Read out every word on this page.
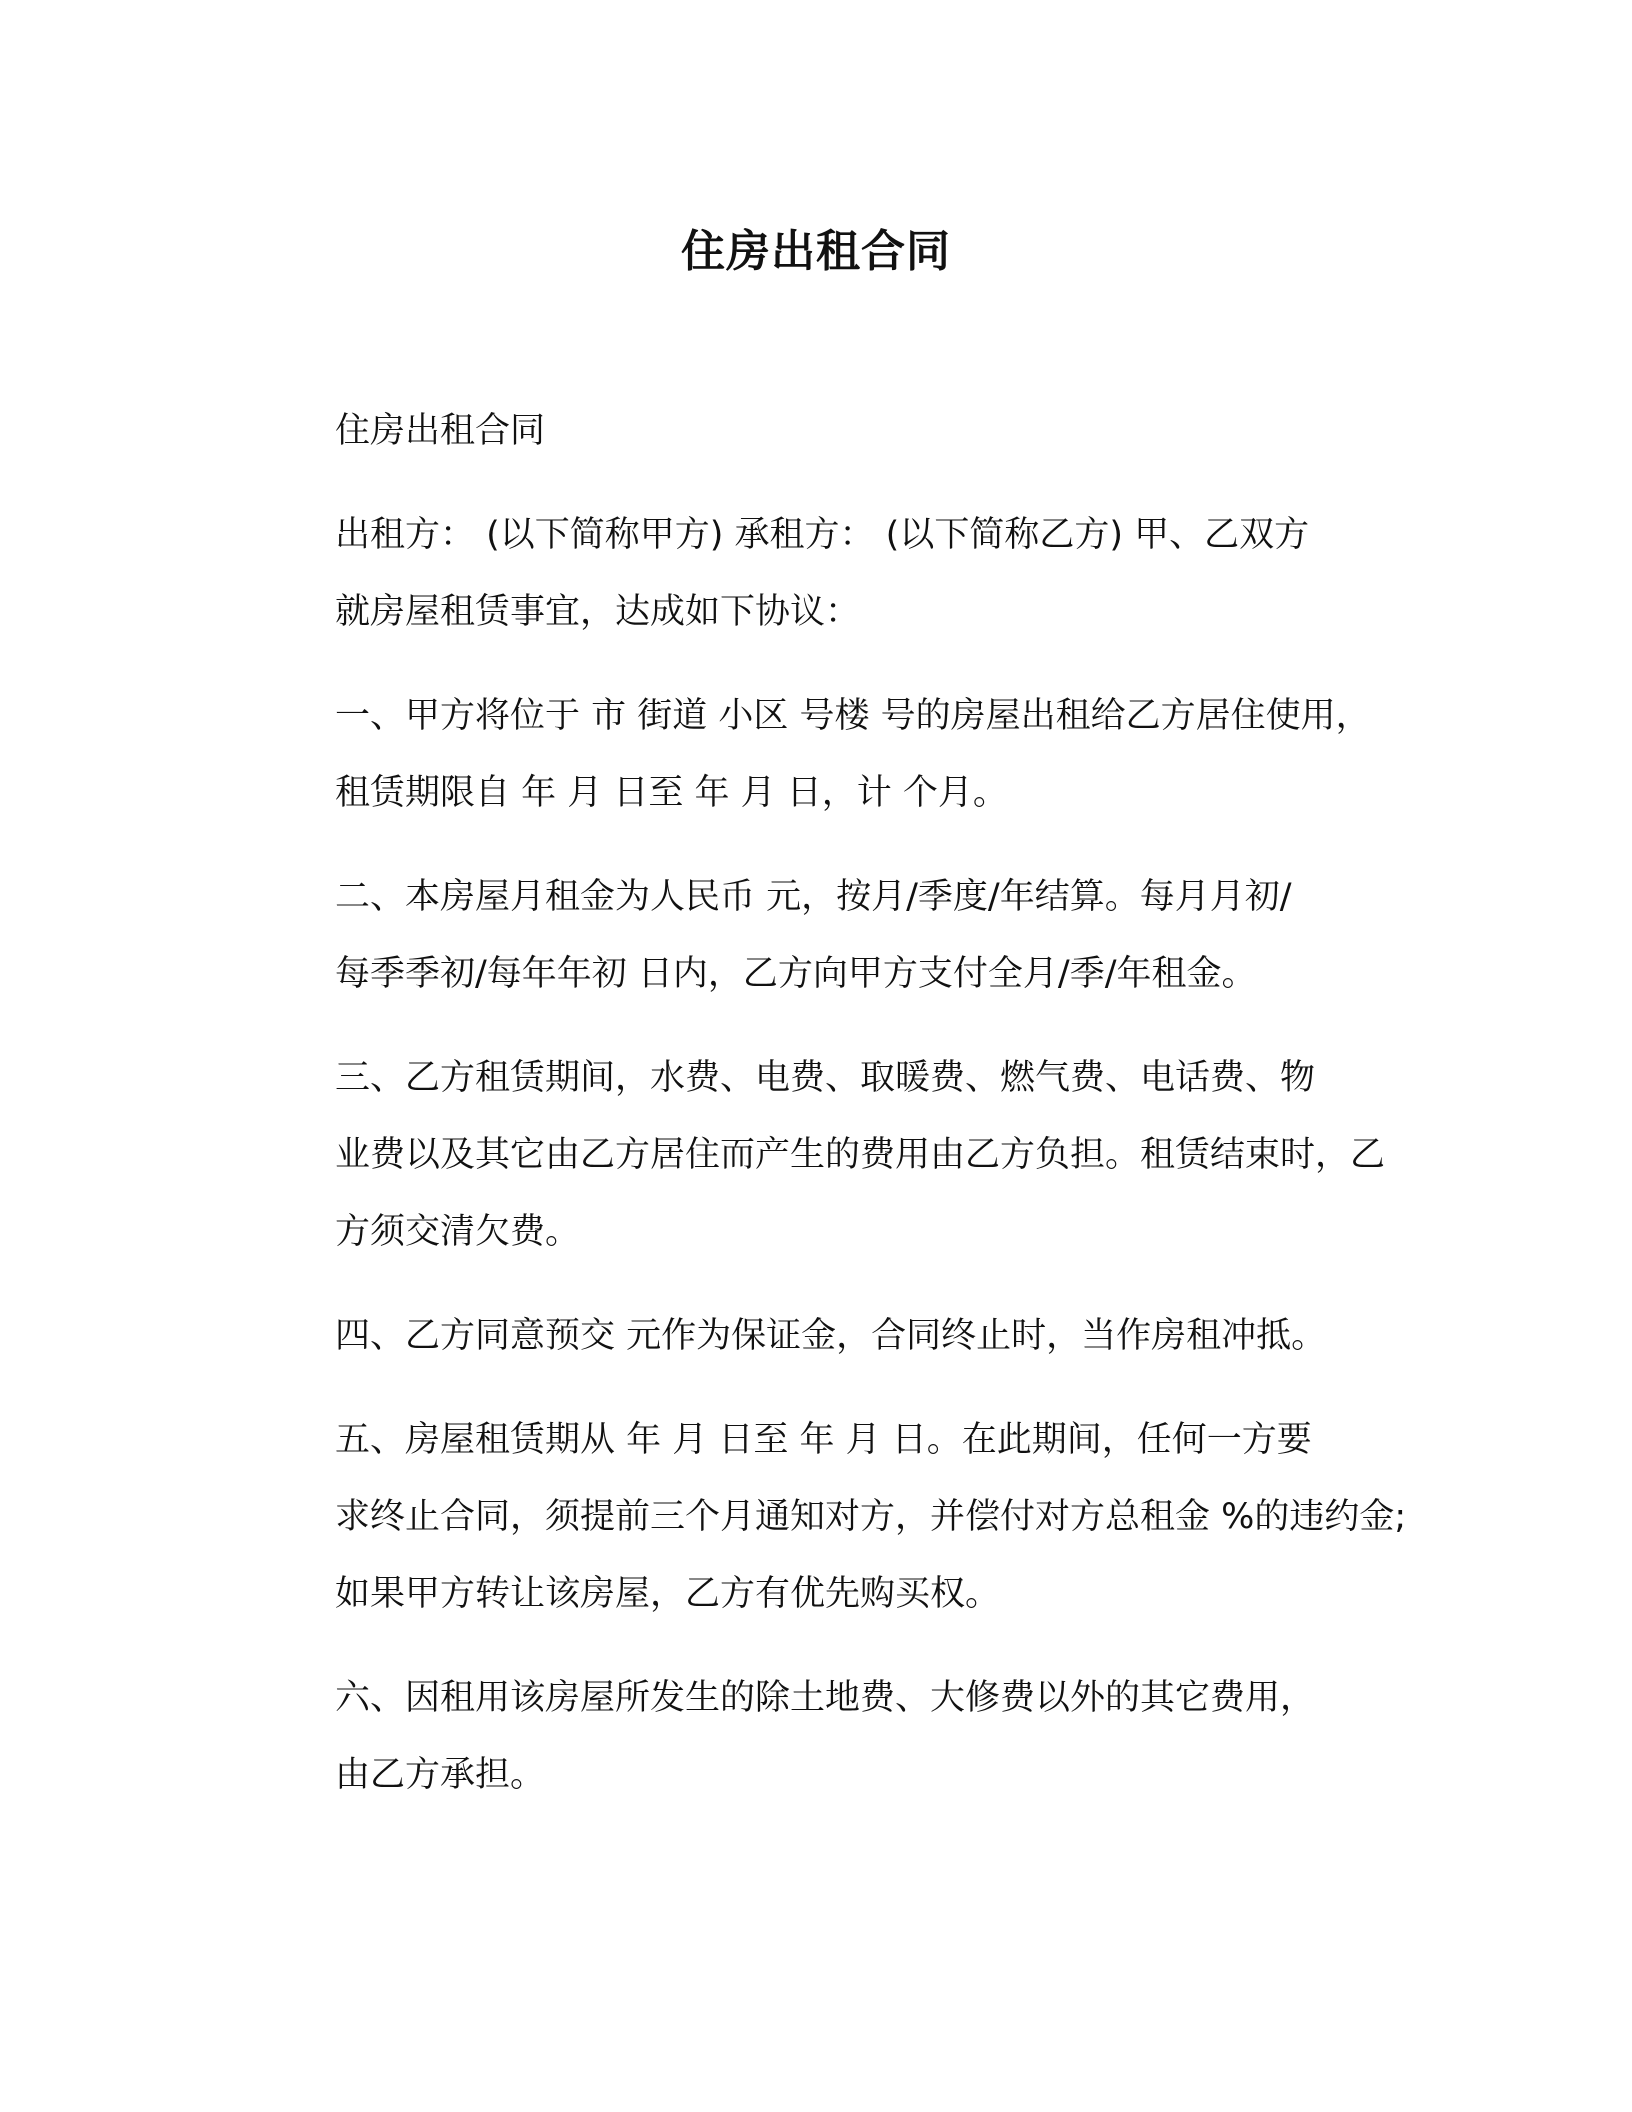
住房出租合同

住房出租合同

出租方： (以下简称甲方) 承租方： (以下简称乙方) 甲、乙双方
就房屋租赁事宜，达成如下协议：

一、甲方将位于 市 街道 小区 号楼 号的房屋出租给乙方居住使用，
租赁期限自 年 月 日至 年 月 日，计 个月。

二、本房屋月租金为人民币 元，按月/季度/年结算。每月月初/
每季季初/每年年初 日内，乙方向甲方支付全月/季/年租金。

三、乙方租赁期间，水费、电费、取暖费、燃气费、电话费、物
业费以及其它由乙方居住而产生的费用由乙方负担。租赁结束时，乙
方须交清欠费。

四、乙方同意预交 元作为保证金，合同终止时，当作房租冲抵。

五、房屋租赁期从 年 月 日至 年 月 日。在此期间，任何一方要
求终止合同，须提前三个月通知对方，并偿付对方总租金 %的违约金;
如果甲方转让该房屋，乙方有优先购买权。

六、因租用该房屋所发生的除土地费、大修费以外的其它费用，
由乙方承担。
